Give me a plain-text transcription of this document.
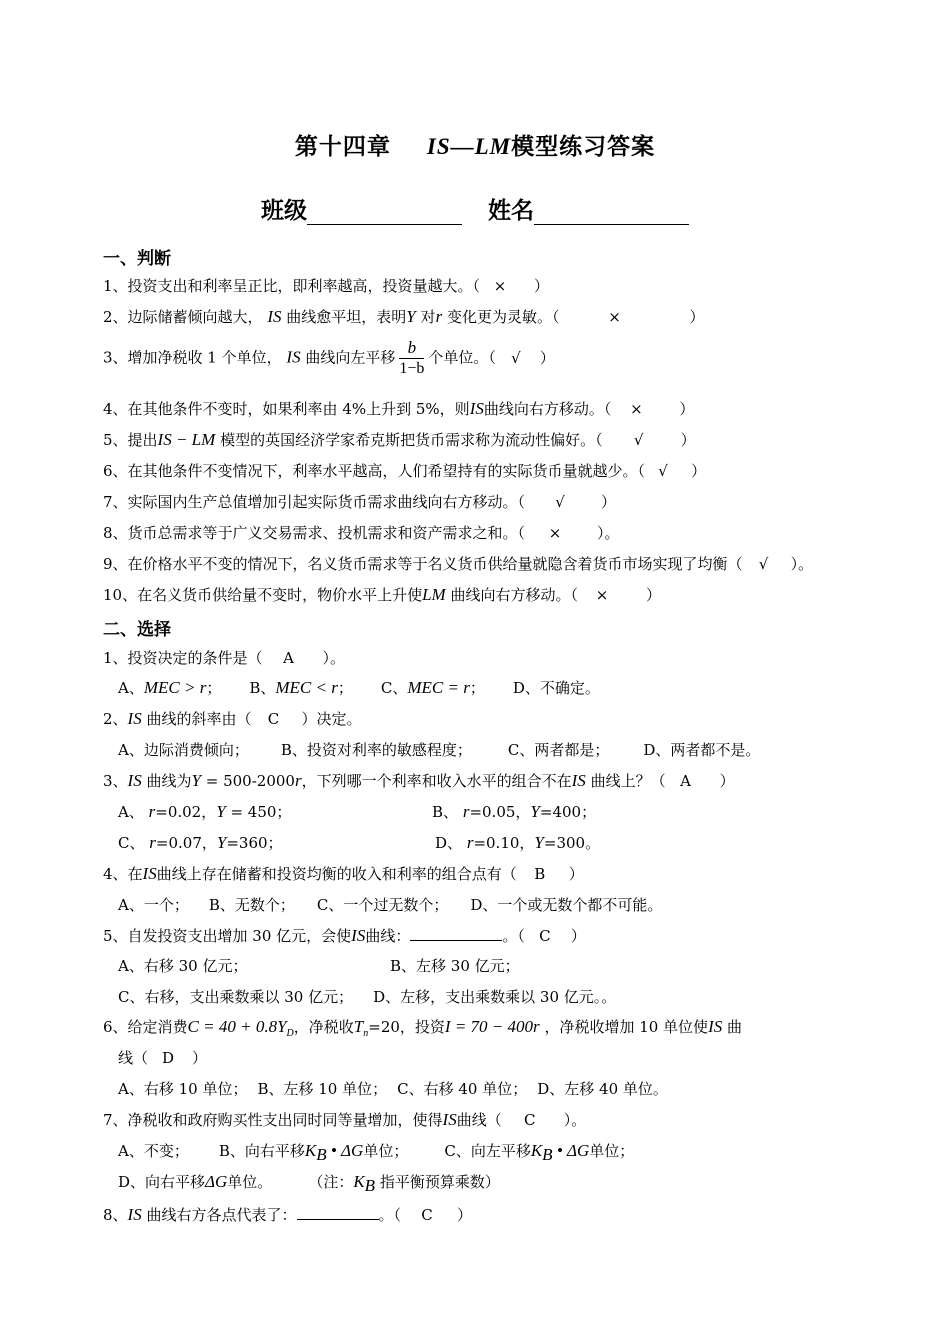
第十四章 IS—LM模型练习答案
班级	姓名
一、判断
1、投资支出和利率呈正比，即利率越高，投资量越大。（ × ）
2、边际储蓄倾向越大， IS 曲线愈平坦，表明Y 对r 变化更为灵敏。（	×	）
3、增加净税收 1 个单位， IS 曲线向左平移 $\frac{b}{1-b}$ 个单位。（ √ ）
4、在其他条件不变时，如果利率由 4%上升到 5%，则IS曲线向右方移动。（ × ）
5、提出IS − LM 模型的英国经济学家希克斯把货币需求称为流动性偏好。（ √ ）
6、在其他条件不变情况下，利率水平越高，人们希望持有的实际货币量就越少。（ √ ）
7、实际国内生产总值增加引起实际货币需求曲线向右方移动。（ √ ）
8、货币总需求等于广义交易需求、投机需求和资产需求之和。（ × ）。
9、在价格水平不变的情况下，名义货币需求等于名义货币供给量就隐含着货币市场实现了均衡（ √ ）。
10、在名义货币供给量不变时，物价水平上升使LM 曲线向右方移动。（ ×	）
二、选择
1、投资决定的条件是（ A ）。
A、MEC > r； B、MEC < r； C、MEC = r； D、不确定。
2、IS 曲线的斜率由（ C ）决定。
A、边际消费倾向； B、投资对利率的敏感程度； C、两者都是； D、两者都不是。
3、IS 曲线为Y = 500-2000r，下列哪一个利率和收入水平的组合不在IS 曲线上？（ A ）
A、 r=0.02，Y = 450；	B、 r=0.05，Y=400；
C、 r=0.07，Y=360；	D、 r=0.10，Y=300。
4、在IS曲线上存在储蓄和投资均衡的收入和利率的组合点有（ B ）
A、一个； B、无数个； C、一个过无数个； D、一个或无数个都不可能。
5、自发投资支出增加 30 亿元，会使IS曲线：	。（ C ）
A、右移 30 亿元；	B、左移 30 亿元；
C、右移，支出乘数乘以 30 亿元； D、左移，支出乘数乘以 30 亿元。。
6、给定消费$C = 40 + 0.8Y_D$，净税收$T_n=20$，投资I = 70 − 400r ，净税收增加 10 单位使IS 曲
线（ D ）
A、右移 10 单位； B、左移 10 单位； C、右移 40 单位； D、左移 40 单位。
7、净税收和政府购买性支出同时同等量增加，使得IS曲线（ C ）。
A、不变； B、向右平移$K_B$ • ΔG单位； C、向左平移$K_B$ • ΔG单位；
D、向右平移ΔG单位。 （注：$K_B$ 指平衡预算乘数）
8、IS 曲线右方各点代表了：	。（ C ）
